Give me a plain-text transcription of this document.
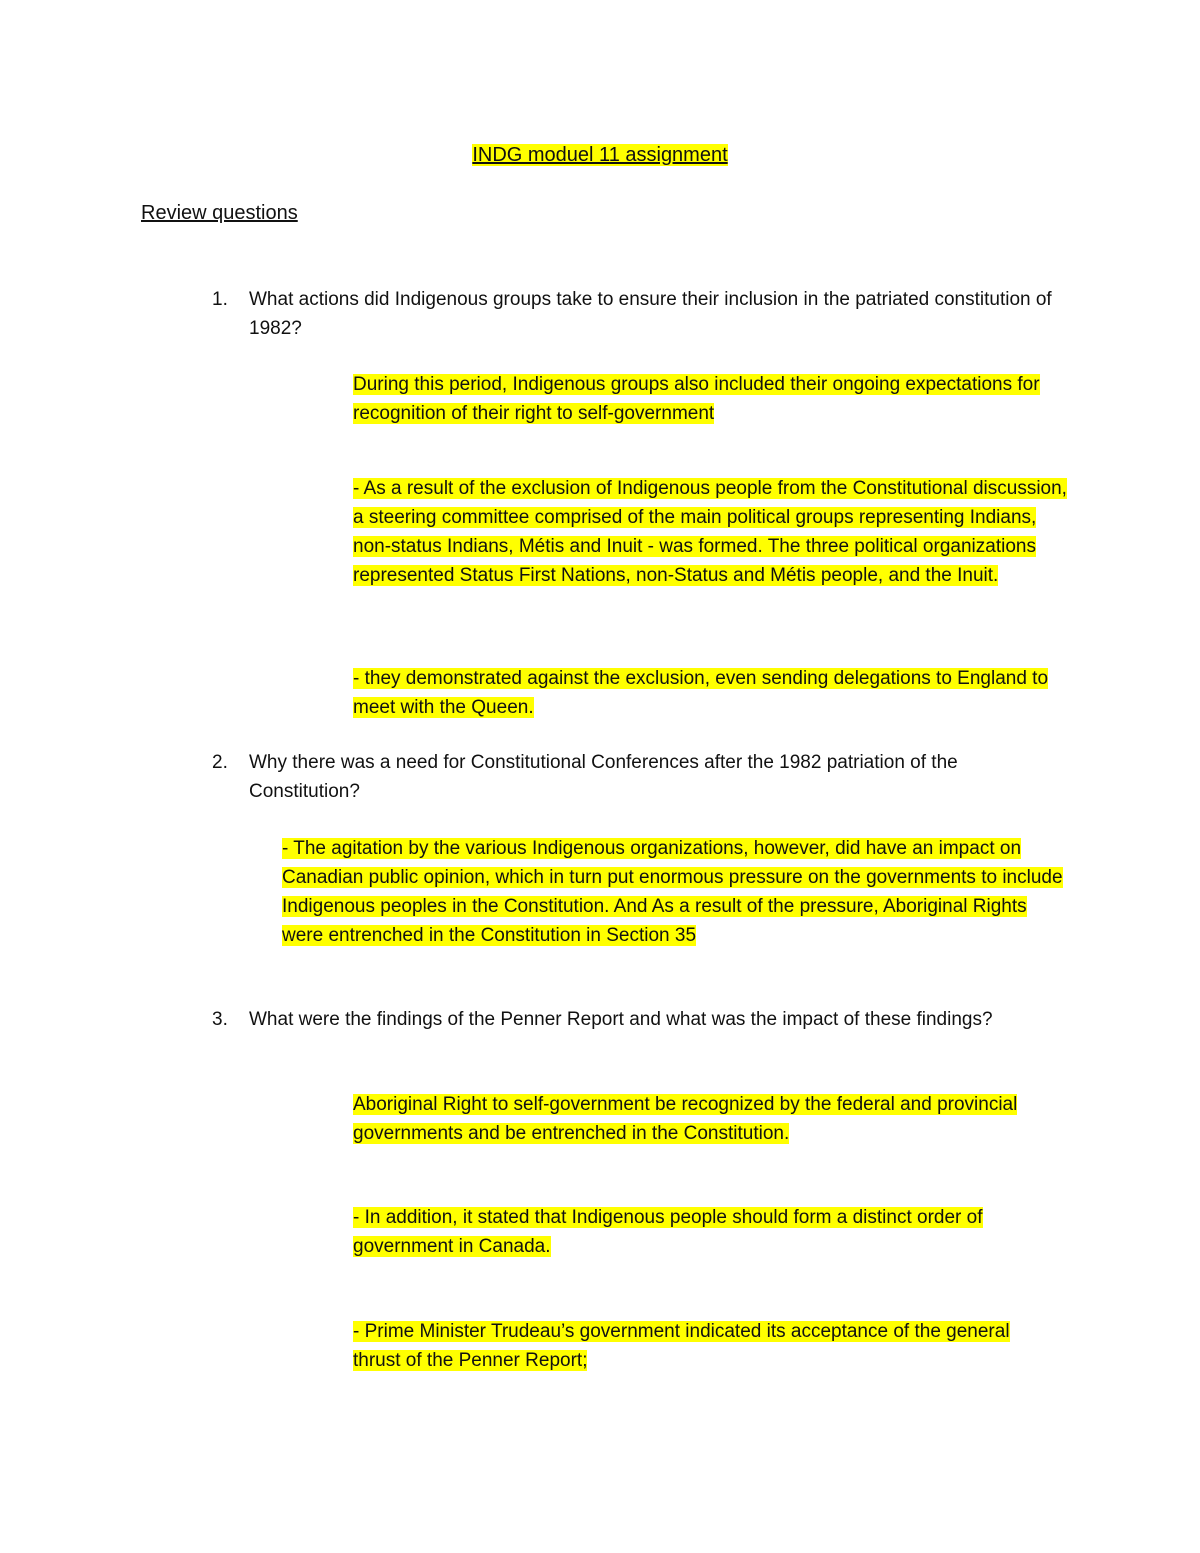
INDG moduel 11 assignment
Review questions
1.	What actions did Indigenous groups take to ensure their inclusion in the patriated constitution of 1982?
During this period, Indigenous groups also included their ongoing expectations for recognition of their right to self-government
- As a result of the exclusion of Indigenous people from the Constitutional discussion, a steering committee comprised of the main political groups representing Indians, non-status Indians, Métis and Inuit - was formed. The three political organizations represented Status First Nations, non-Status and Métis people, and the Inuit.
- they demonstrated against the exclusion, even sending delegations to England to meet with the Queen.
2.	Why there was a need for Constitutional Conferences after the 1982 patriation of the Constitution?
- The agitation by the various Indigenous organizations, however, did have an impact on Canadian public opinion, which in turn put enormous pressure on the governments to include Indigenous peoples in the Constitution. And As a result of the pressure, Aboriginal Rights were entrenched in the Constitution in Section 35
3.	What were the findings of the Penner Report and what was the impact of these findings?
Aboriginal Right to self-government be recognized by the federal and provincial governments and be entrenched in the Constitution.
- In addition, it stated that Indigenous people should form a distinct order of government in Canada.
- Prime Minister Trudeau’s government indicated its acceptance of the general thrust of the Penner Report;
